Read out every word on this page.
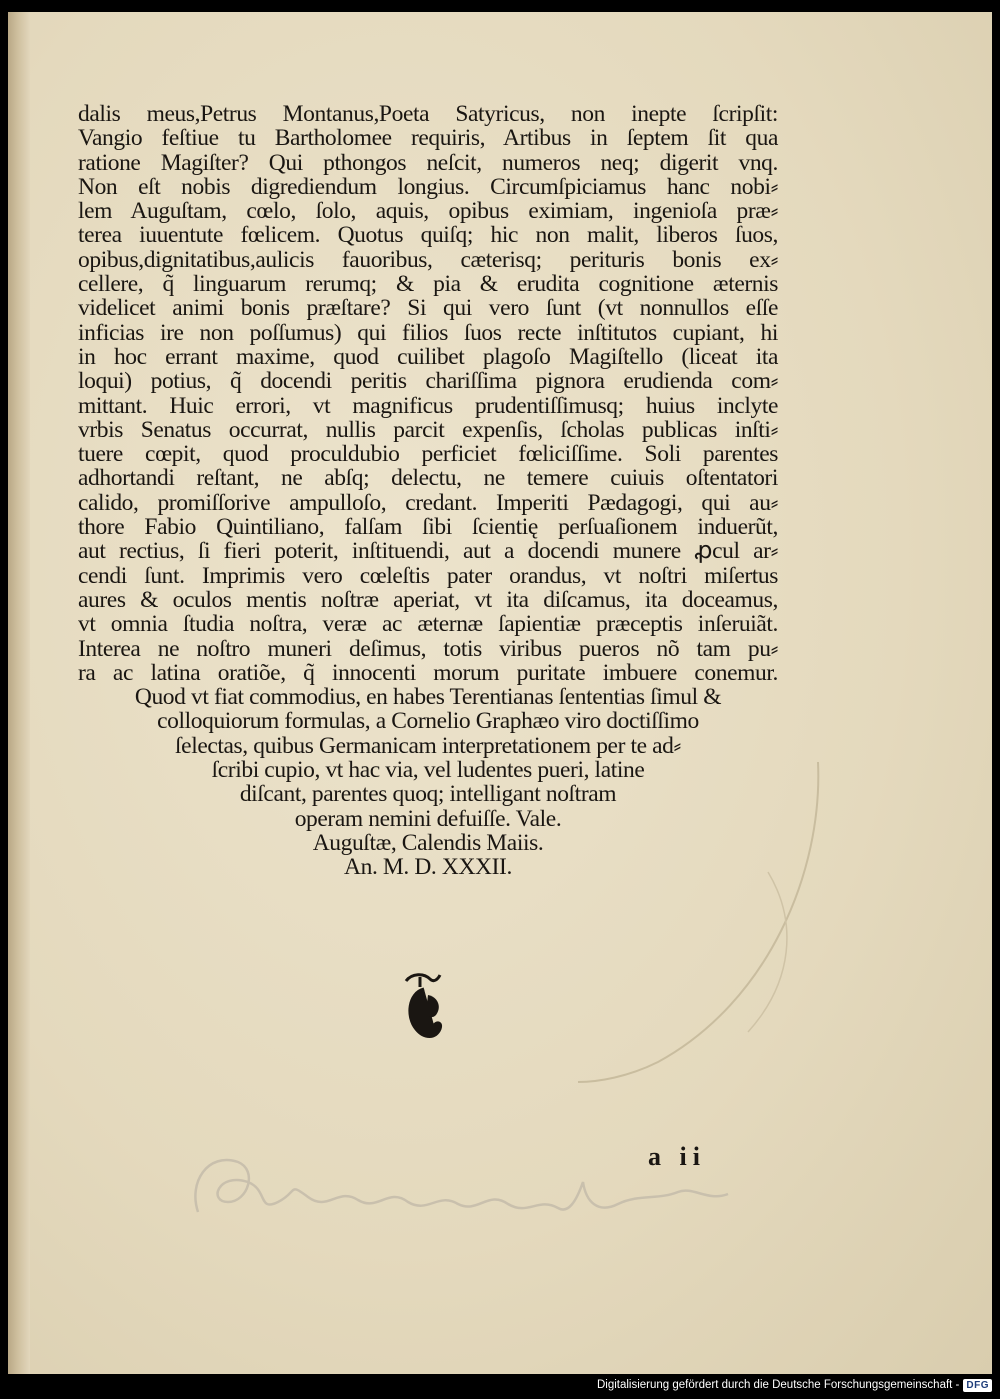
dalis meus,Petrus Montanus,Poeta Satyricus, non inepte ſcripſit:
Vangio feſtiue tu Bartholomee requiris, Artibus in ſeptem ſit qua
ratione Magiſter? Qui pthongos neſcit, numeros neq; digerit vnq.
Non eſt nobis digrediendum longius. Circumſpiciamus hanc nobi⸗
lem Auguſtam, cœlo, ſolo, aquis, opibus eximiam, ingenioſa præ⸗
terea iuuentute fœlicem. Quotus quiſq; hic non malit, liberos ſuos,
opibus,dignitatibus,aulicis fauoribus, cæterisq; perituris bonis ex⸗
cellere, q̃ linguarum rerumq; & pia & erudita cognitione æternis
videlicet animi bonis præſtare? Si qui vero ſunt (vt nonnullos eſſe
inficias ire non poſſumus) qui filios ſuos recte inſtitutos cupiant, hi
in hoc errant maxime, quod cuilibet plagoſo Magiſtello (liceat ita
loqui) potius, q̃ docendi peritis chariſſima pignora erudienda com⸗
mittant. Huic errori, vt magnificus prudentiſſimusq; huius inclyte
vrbis Senatus occurrat, nullis parcit expenſis, ſcholas publicas inſti⸗
tuere cœpit, quod proculdubio perficiet fœliciſſime. Soli parentes
adhortandi reſtant, ne abſq; delectu, ne temere cuiuis oſtentatori
calido, promiſſorive ampulloſo, credant. Imperiti Pædagogi, qui au⸗
thore Fabio Quintiliano, falſam ſibi ſcientię perſuaſionem induerũt,
aut rectius, ſi fieri poterit, inſtituendi, aut a docendi munere ꝓcul ar⸗
cendi ſunt. Imprimis vero cœleſtis pater orandus, vt noſtri miſertus
aures & oculos mentis noſtræ aperiat, vt ita diſcamus, ita doceamus,
vt omnia ſtudia noſtra, veræ ac æternæ ſapientiæ præceptis inſeruiãt.
Interea ne noſtro muneri deſimus, totis viribus pueros nõ tam pu⸗
ra ac latina oratiõe, q̃ innocenti morum puritate imbuere conemur.
Quod vt fiat commodius, en habes Terentianas ſententias ſimul &
colloquiorum formulas, a Cornelio Graphæo viro doctiſſimo
ſelectas, quibus Germanicam interpretationem per te ad⸗
ſcribi cupio, vt hac via, vel ludentes pueri, latine
diſcant, parentes quoq; intelligant noſtram
operam nemini defuiſſe. Vale.
Auguſtæ, Calendis Maiis.
An. M. D. XXXII.
a ii
Digitalisierung gefördert durch die Deutsche Forschungsgemeinschaft - DFG
